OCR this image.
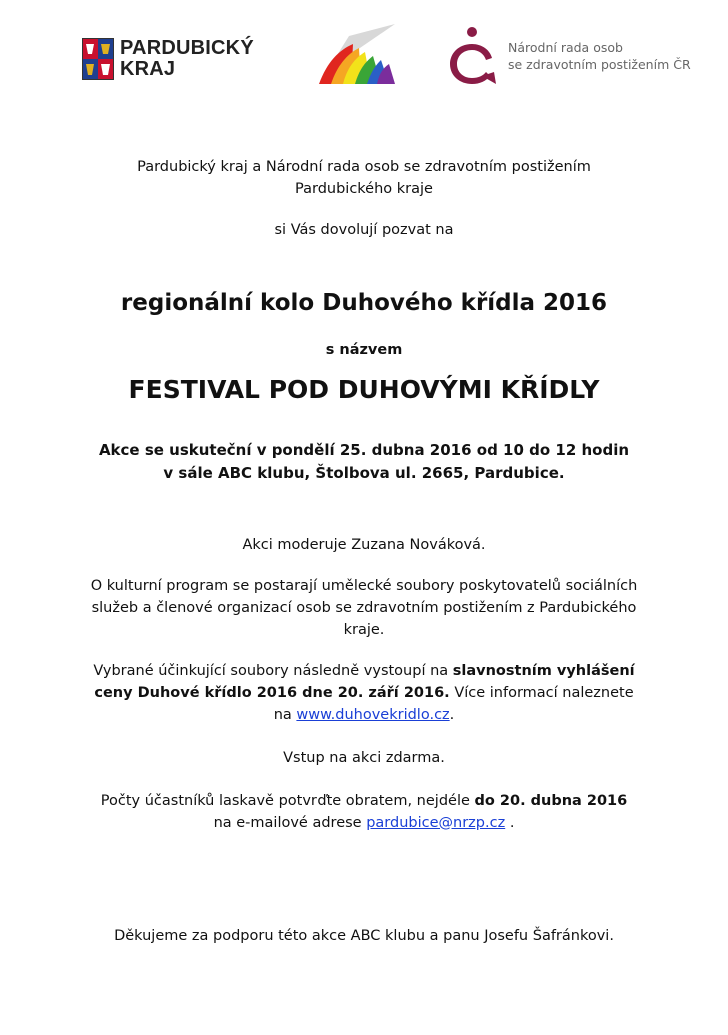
PARDUBICKÝ
KRAJ
Národní rada osob
se zdravotním postižením ČR

Pardubický kraj a Národní rada osob se zdravotním postižením

Pardubického kraje

si Vás dovolují pozvat na

regionální kolo Duhového křídla 2016

s názvem

FESTIVAL POD DUHOVÝMI KŘÍDLY

Akce se uskuteční v pondělí 25. dubna 2016 od 10 do 12 hodin

v sále ABC klubu, Štolbova ul. 2665, Pardubice.

Akci moderuje Zuzana Nováková.

O kulturní program se postarají umělecké soubory poskytovatelů sociálních

služeb a členové organizací osob se zdravotním postižením z Pardubického

kraje.

Vybrané účinkující soubory následně vystoupí na slavnostním vyhlášení

ceny Duhové křídlo 2016 dne 20. září 2016. Více informací naleznete

na www.duhovekridlo.cz.

Vstup na akci zdarma.

Počty účastníků laskavě potvrďte obratem, nejdéle do 20. dubna 2016

na e-mailové adrese pardubice@nrzp.cz .

Děkujeme za podporu této akce ABC klubu a panu Josefu Šafránkovi.
